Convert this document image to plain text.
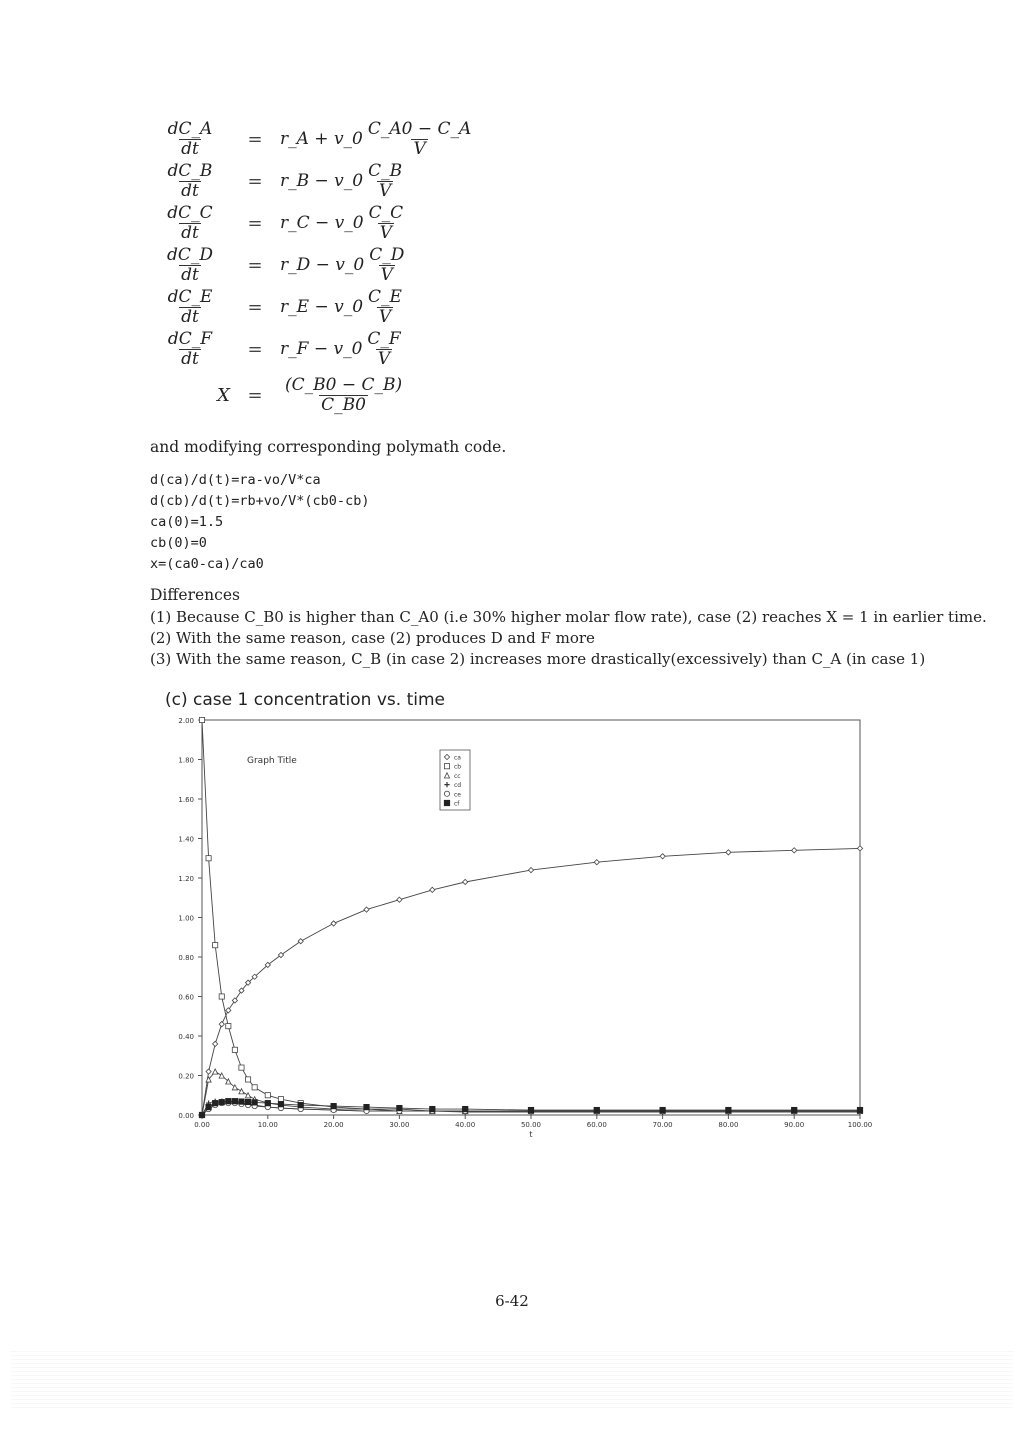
$\frac{dC\_A}{dt}$	=	r_A + v_0 $\frac{C\_A0 - C\_A}{V}$
$\frac{dC\_B}{dt}$	=	r_B − v_0 $\frac{C\_B}{V}$
$\frac{dC\_C}{dt}$	=	r_C − v_0 $\frac{C\_C}{V}$
$\frac{dC\_D}{dt}$	=	r_D − v_0 $\frac{C\_D}{V}$
$\frac{dC\_E}{dt}$	=	r_E − v_0 $\frac{C\_E}{V}$
$\frac{dC\_F}{dt}$	=	r_F − v_0 $\frac{C\_F}{V}$
X =	$\frac{(C\_B0 - C\_B)}{C\_B0}$
and modifying corresponding polymath code.
d(ca)/d(t)=ra-vo/V*ca
d(cb)/d(t)=rb+vo/V*(cb0-cb)
ca(0)=1.5
cb(0)=0
x=(ca0-ca)/ca0
Differences
(1) Because C_B0 is higher than C_A0 (i.e 30% higher molar flow rate), case (2) reaches X = 1 in earlier time.
(2) With the same reason, case (2) produces D and F more
(3) With the same reason, C_B (in case 2) increases more drastically(excessively) than C_A (in case 1)
(c) case 1 concentration vs. time
0.00
0.20
0.40
0.60
0.80
1.00
1.20
1.40
1.60
1.80
2.00
0.00	10.00	20.00	30.00	40.00	50.00	60.00	70.00	80.00	90.00	100.00
t
Graph Title	ca
cb
cc
cd
ce
cf
6-42
